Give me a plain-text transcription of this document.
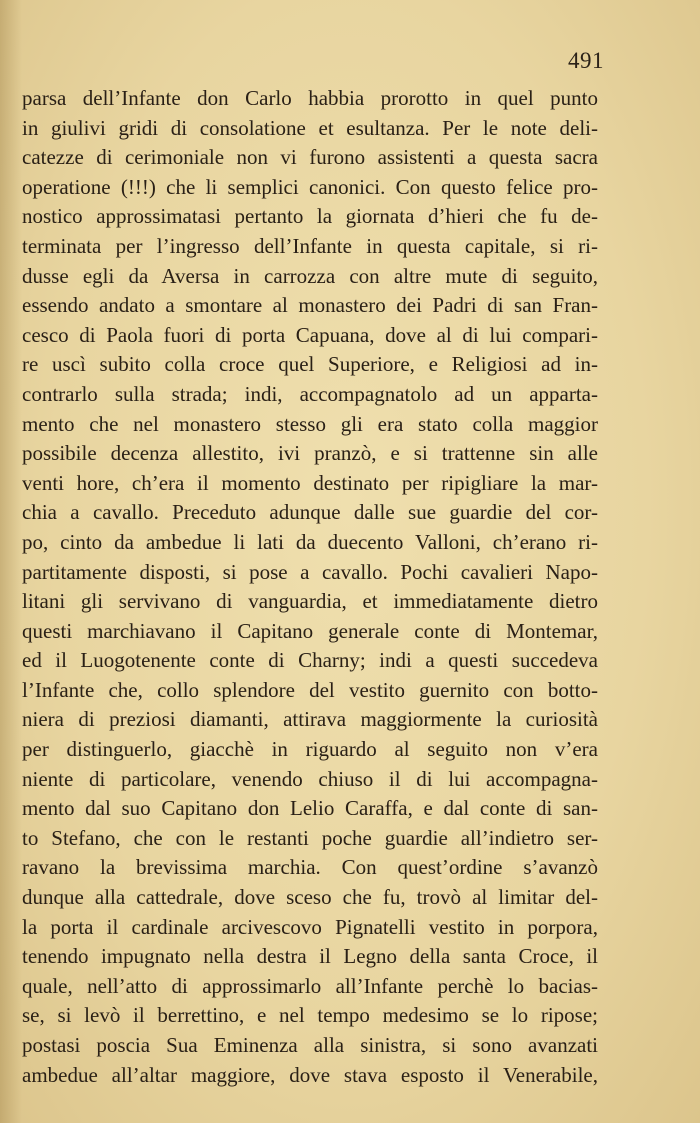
491
parsa dell’Infante don Carlo habbia prorotto in quel punto
in giulivi gridi di consolatione et esultanza. Per le note deli-
catezze di cerimoniale non vi furono assistenti a questa sacra
operatione (!!!) che li semplici canonici. Con questo felice pro-
nostico approssimatasi pertanto la giornata d’hieri che fu de-
terminata per l’ingresso dell’Infante in questa capitale, si ri-
dusse egli da Aversa in carrozza con altre mute di seguito,
essendo andato a smontare al monastero dei Padri di san Fran-
cesco di Paola fuori di porta Capuana, dove al di lui compari-
re uscì subito colla croce quel Superiore, e Religiosi ad in-
contrarlo sulla strada; indi, accompagnatolo ad un apparta-
mento che nel monastero stesso gli era stato colla maggior
possibile decenza allestito, ivi pranzò, e si trattenne sin alle
venti hore, ch’era il momento destinato per ripigliare la mar-
chia a cavallo. Preceduto adunque dalle sue guardie del cor-
po, cinto da ambedue li lati da duecento Valloni, ch’erano ri-
partitamente disposti, si pose a cavallo. Pochi cavalieri Napo-
litani gli servivano di vanguardia, et immediatamente dietro
questi marchiavano il Capitano generale conte di Montemar,
ed il Luogotenente conte di Charny; indi a questi succedeva
l’Infante che, collo splendore del vestito guernito con botto-
niera di preziosi diamanti, attirava maggiormente la curiosità
per distinguerlo, giacchè in riguardo al seguito non v’era
niente di particolare, venendo chiuso il di lui accompagna-
mento dal suo Capitano don Lelio Caraffa, e dal conte di san-
to Stefano, che con le restanti poche guardie all’indietro ser-
ravano la brevissima marchia. Con quest’ordine s’avanzò
dunque alla cattedrale, dove sceso che fu, trovò al limitar del-
la porta il cardinale arcivescovo Pignatelli vestito in porpora,
tenendo impugnato nella destra il Legno della santa Croce, il
quale, nell’atto di approssimarlo all’Infante perchè lo bacias-
se, si levò il berrettino, e nel tempo medesimo se lo ripose;
postasi poscia Sua Eminenza alla sinistra, si sono avanzati
ambedue all’altar maggiore, dove stava esposto il Venerabile,
